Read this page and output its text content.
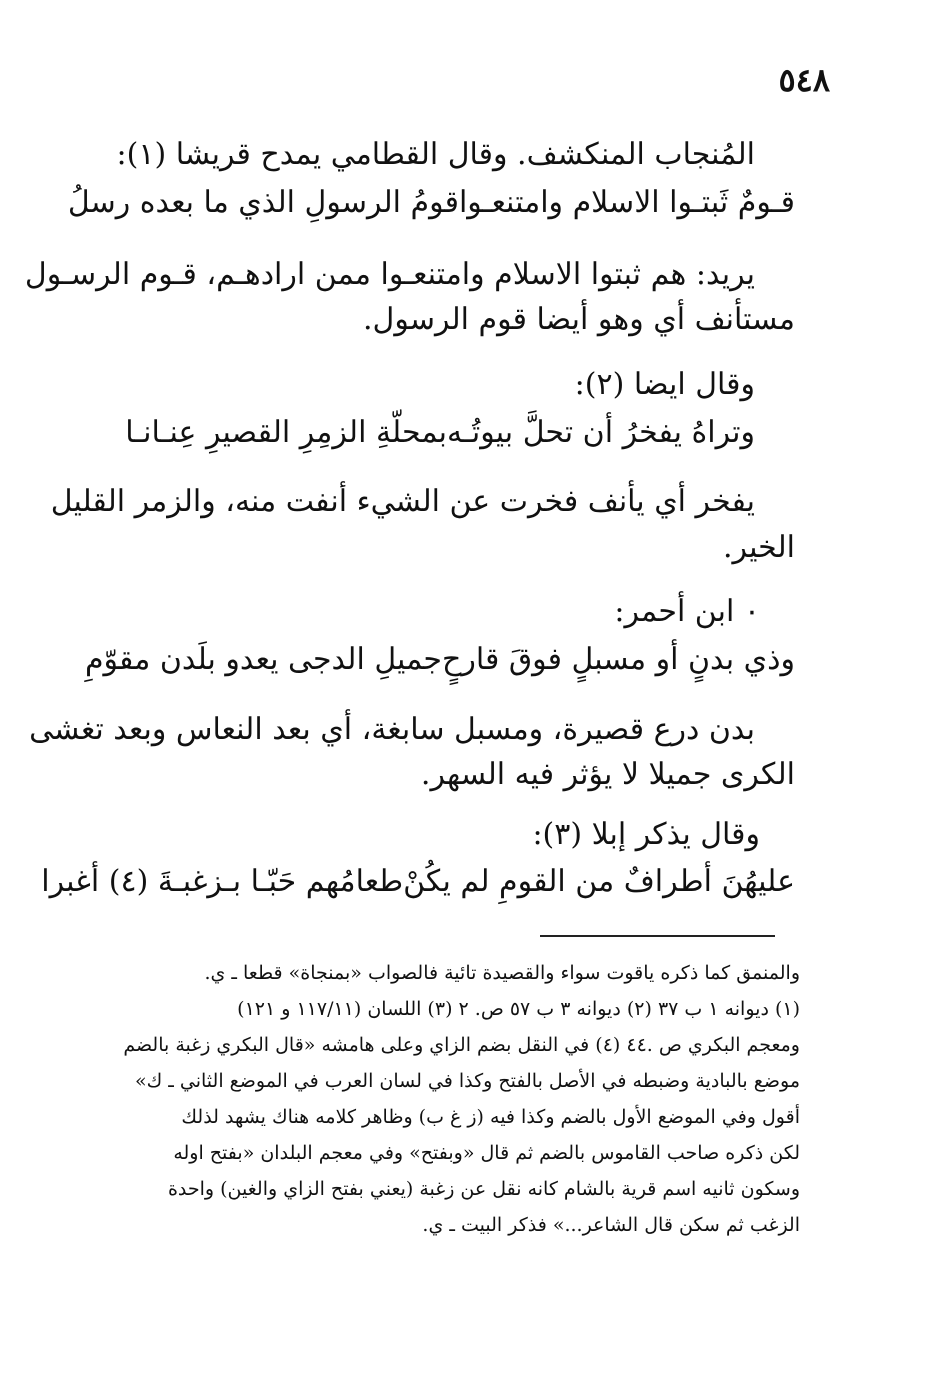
٥٤٨
المُنجاب المنكشف. وقال القطامي يمدح قريشا (١):
قـومٌ ثَبتـوا الاسلام وامتنعـوا
قومُ الرسولِ الذي ما بعده رسلُ
يريد: هم ثبتوا الاسلام وامتنعـوا ممن ارادهـم، قـوم الرسـول
مستأنف أي وهو أيضا قوم الرسول.
وقال ايضا (٢):
وتراهُ يفخرُ أن تحلَّ بيوتُـه
بمحلّةِ الزمِرِ القصيرِ عِنـانـا
يفخر أي يأنف فخرت عن الشيء أنفت منه، والزمر القليل
الخير.
٠ ابن أحمر:
وذي بدنٍ أو مسبلٍ فوقَ قارحٍ
جميلِ الدجى يعدو بلَدن مقوّمِ
بدن درع قصيرة، ومسبل سابغة، أي بعد النعاس وبعد تغشى
الكرى جميلا لا يؤثر فيه السهر.
وقال يذكر إبلا (٣):
عليهُنَ أطرافٌ من القومِ لم يكُنْ
طعامُهم حَبّـا بـزغبـةَ (٤) أغبرا
والمنمق كما ذكره ياقوت سواء والقصيدة تائية فالصواب «بمنجاة» قطعا ـ ي.
(١) ديوانه ١ ب ٣٧ (٢) ديوانه ٣ ب ٥٧ ص. ٢ (٣) اللسان (١١٧/١١ و ١٢١)
ومعجم البكري ص .٤٤ (٤) في النقل بضم الزاي وعلى هامشه «قال البكري زغبة بالضم
موضع بالبادية وضبطه في الأصل بالفتح وكذا في لسان العرب في الموضع الثاني ـ ك»
أقول وفي الموضع الأول بالضم وكذا فيه (ز غ ب) وظاهر كلامه هناك يشهد لذلك
لكن ذكره صاحب القاموس بالضم ثم قال «وبفتح» وفي معجم البلدان «بفتح اوله
وسكون ثانيه اسم قرية بالشام كانه نقل عن زغبة (يعني بفتح الزاي والغين) واحدة
الزغب ثم سكن قال الشاعر...» فذكر البيت ـ ي.
